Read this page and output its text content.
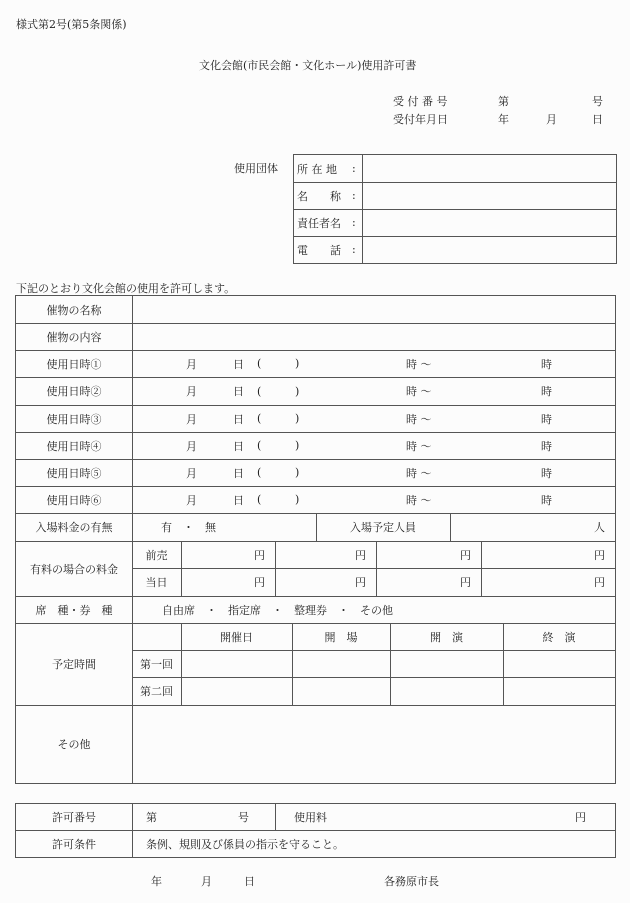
様式第2号(第5条関係)
文化会館(市民会館・文化ホール)使用許可書
受 付 番 号	第	号
受付年月日	年	月	日
使用団体 所 在 地	:
名　　称	:
責任者名	:
電　　話	:
下記のとおり文化会館の使用を許可します。
催物の名称
催物の内容
使用日時①	月	日 (	)	時 ～	時
使用日時②	月	日 (	)	時 ～	時
使用日時③	月	日 (	)	時 ～	時
使用日時④	月	日 (	)	時 ～	時
使用日時⑤	月	日 (	)	時 ～	時
使用日時⑥	月	日 (	)	時 ～	時
入場料金の有無	有　・　無	入場予定人員	人
有料の場合の料金
前売	円	円	円	円
当日	円	円	円	円
席　種・券　種	自由席　・　指定席　・　整理券　・　その他
予定時間
開催日	開　場	開　演	終　演
第一回
第二回
その他
許可番号	第	号	使用料	円
許可条件	条例、規則及び係員の指示を守ること。
年	月	日	各務原市長
